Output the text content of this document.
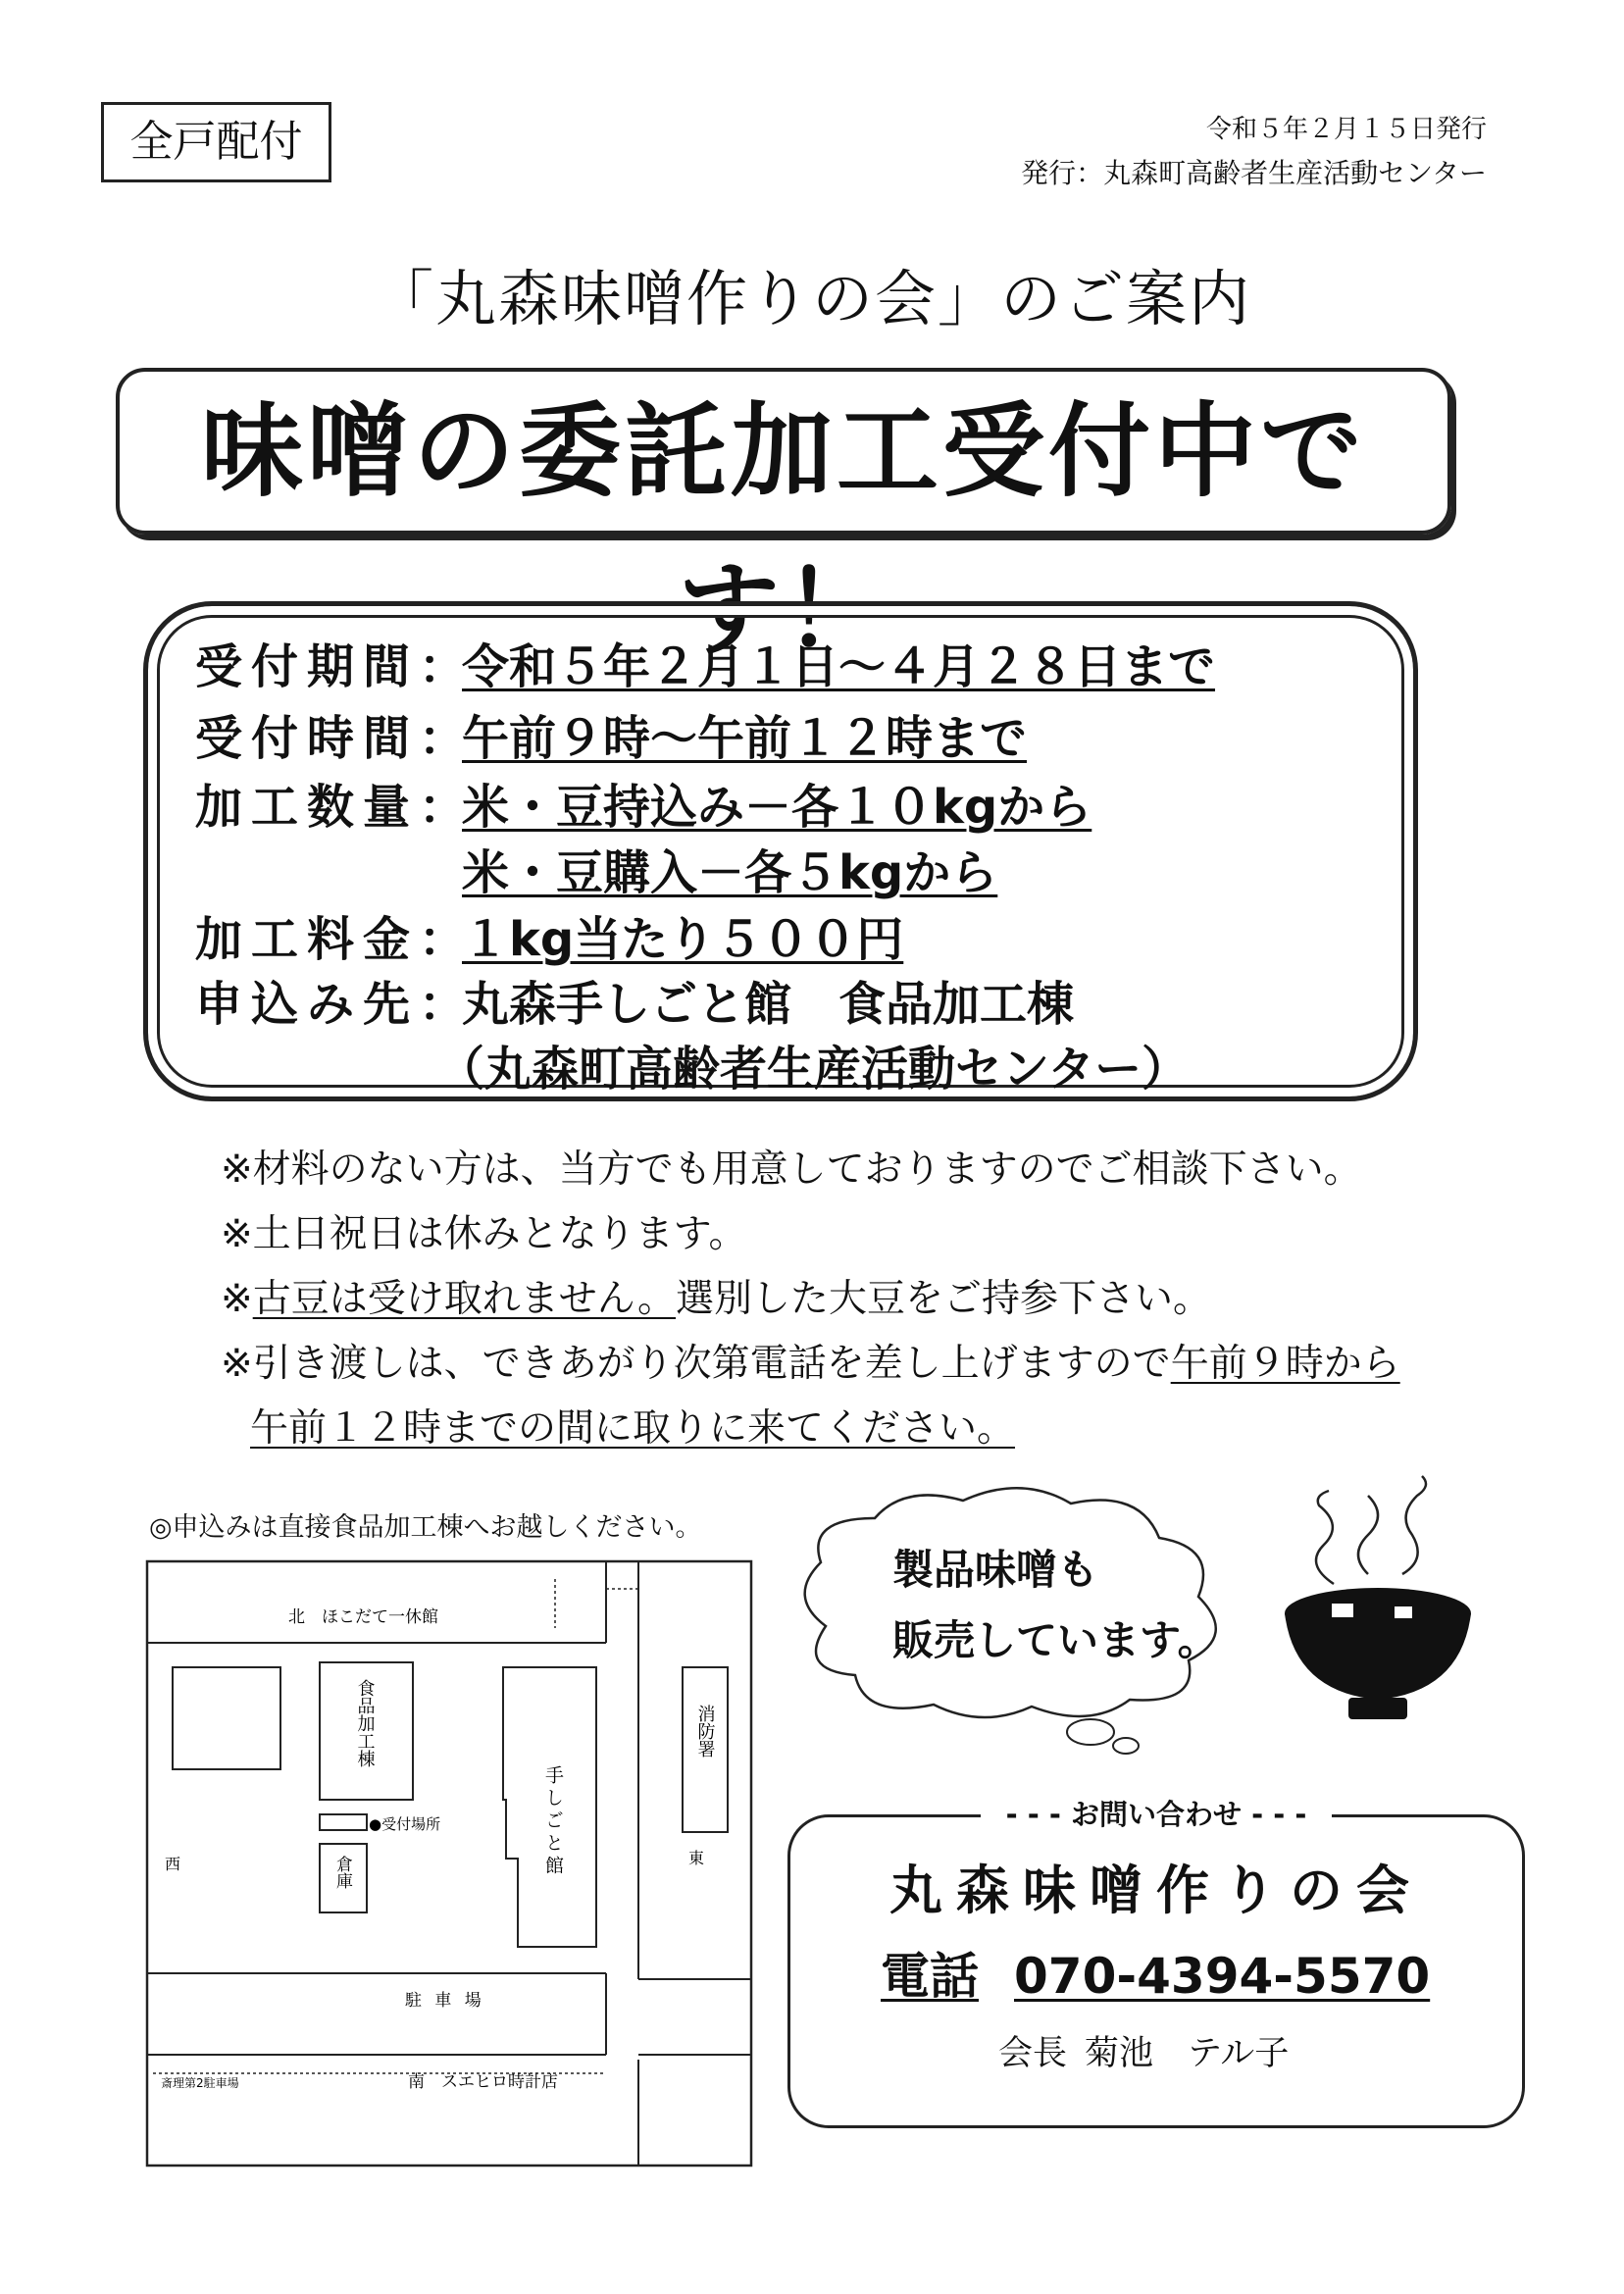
全戸配付	令和５年２月１５日発行
発行：丸森町高齢者生産活動センター
「丸森味噌作りの会」のご案内
味噌の委託加工受付中です！
受付期間：
令和５年２月１日～４月２８日まで
受付時間：
午前９時～午前１２時まで
加工数量：
米・豆持込み－各１０kgから
米・豆購入－各５kgから
加工料金：
１kg当たり５００円
申込み先：
丸森手しごと館　食品加工棟
（丸森町高齢者生産活動センター）
※材料のない方は、当方でも用意しておりますのでご相談下さい。
※土日祝日は休みとなります。
※古豆は受け取れません。選別した大豆をご持参下さい。
※引き渡しは、できあがり次第電話を差し上げますので午前９時から
午前１２時までの間に取りに来てください。
◎申込みは直接食品加工棟へお越しください。
北　ほこだて一休館
南　スエヒロ時計店
斎理第2駐車場
西	東
●受付場所
駐 車 場
食品加工棟
倉庫	手しごと館
消防署
製品味噌も
販売しています。
- - - お問い合わせ - - -
丸森味噌作りの会
電話 070-4394-5570
会長 菊池　テル子
